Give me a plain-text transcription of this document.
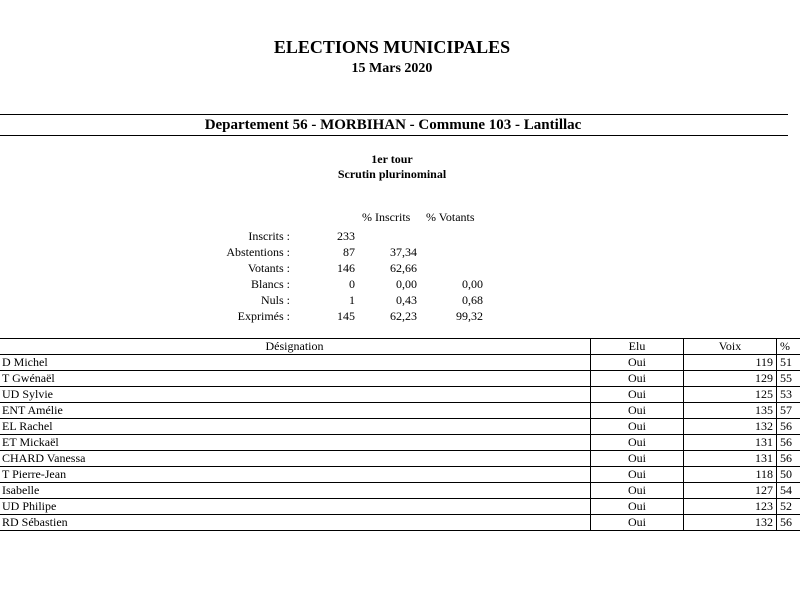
ELECTIONS MUNICIPALES
15 Mars 2020
Departement 56 - MORBIHAN - Commune 103 - Lantillac
1er tour
Scrutin plurinominal
% Inscrits % Votants
Inscrits :	233
Abstentions :	87	37,34
Votants :	146	62,66
Blancs :	0	0,00	0,00
Nuls :	1	0,43	0,68
Exprimés :	145	62,23	99,32
Désignation	Elu	Voix	%
D Michel	Oui	119	51
T Gwénaël	Oui	129	55
UD Sylvie	Oui	125	53
ENT Amélie	Oui	135	57
EL Rachel	Oui	132	56
ET Mickaël	Oui	131	56
CHARD Vanessa	Oui	131	56
T Pierre-Jean	Oui	118	50
Isabelle	Oui	127	54
UD Philipe	Oui	123	52
RD Sébastien	Oui	132	56
